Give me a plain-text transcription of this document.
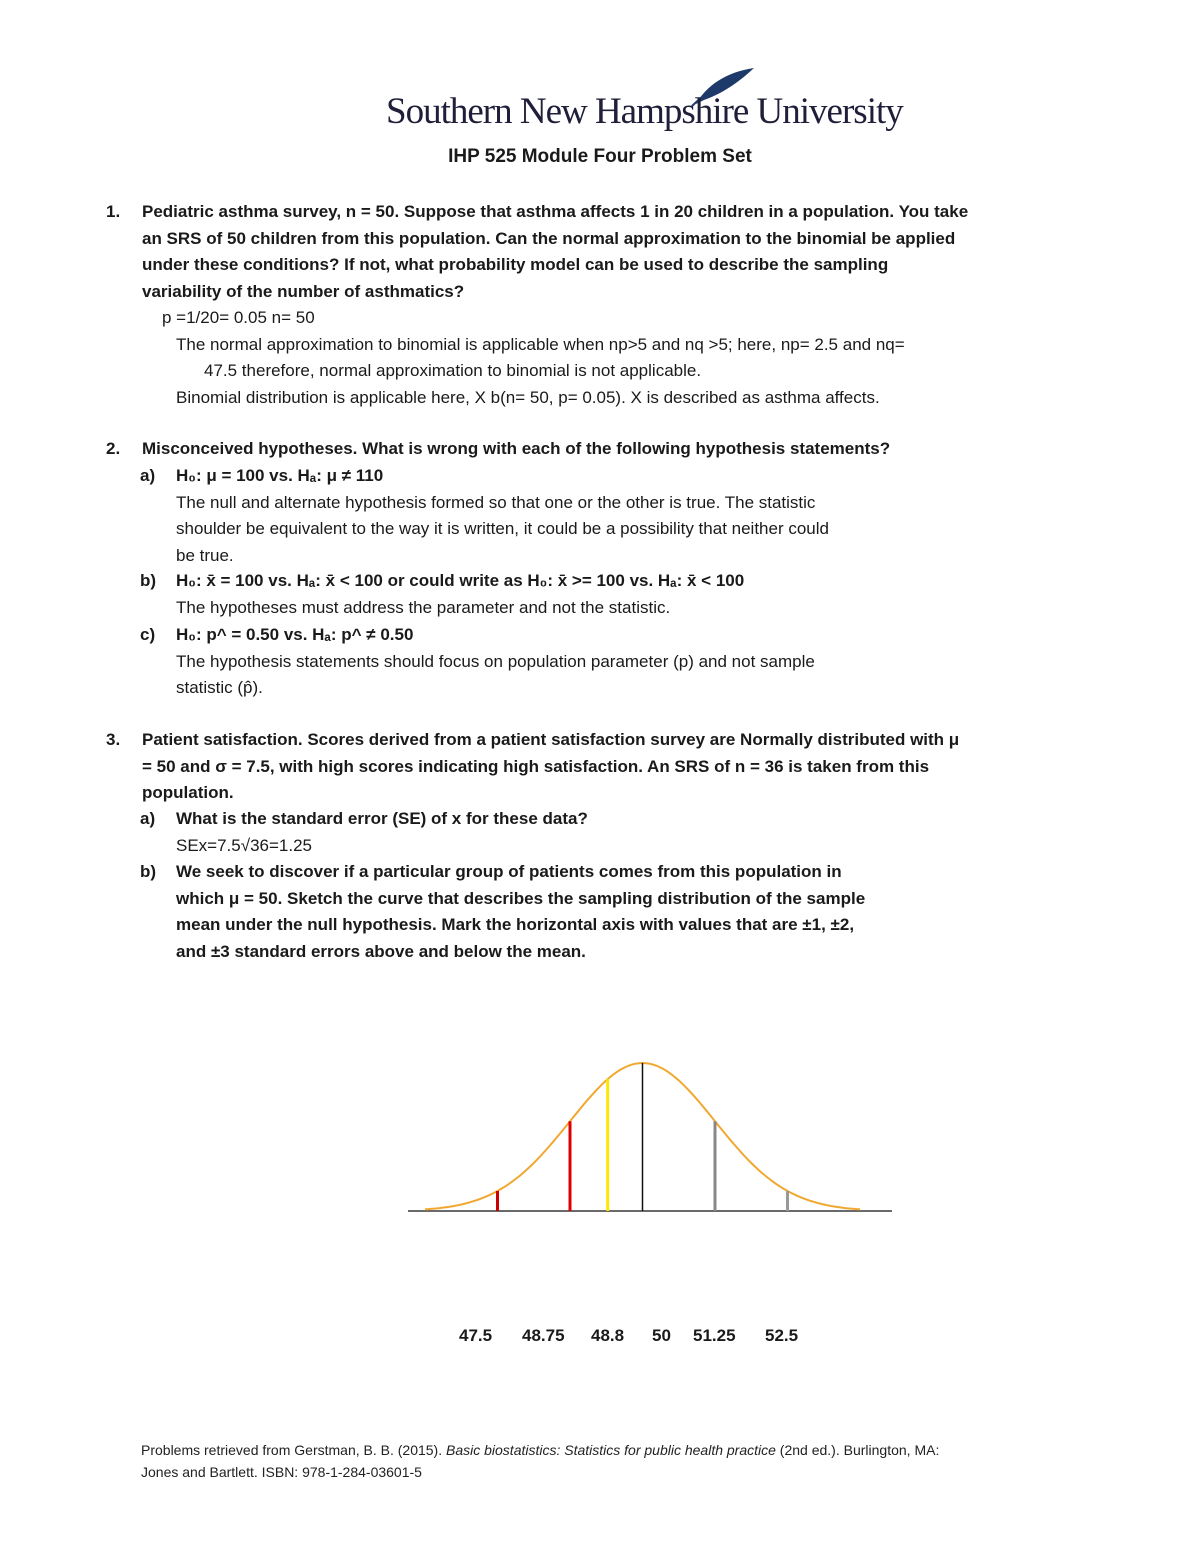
Southern New Hampshire University
IHP 525 Module Four Problem Set
1. Pediatric asthma survey, n = 50. Suppose that asthma affects 1 in 20 children in a population. You take
an SRS of 50 children from this population. Can the normal approximation to the binomial be applied
under these conditions? If not, what probability model can be used to describe the sampling
variability of the number of asthmatics?
p =1/20= 0.05 n= 50
The normal approximation to binomial is applicable when np>5 and nq >5; here, np= 2.5 and nq=
47.5 therefore, normal approximation to binomial is not applicable.
Binomial distribution is applicable here, X b(n= 50, p= 0.05). X is described as asthma affects.
2. Misconceived hypotheses. What is wrong with each of the following hypothesis statements?
a) H₀: μ = 100 vs. Hₐ: μ ≠ 110
The null and alternate hypothesis formed so that one or the other is true. The statistic
shoulder be equivalent to the way it is written, it could be a possibility that neither could
be true.
b) H₀: x̄ = 100 vs. Hₐ: x̄ < 100 or could write as H₀: x̄ >= 100 vs. Hₐ: x̄ < 100
The hypotheses must address the parameter and not the statistic.
c) H₀: p^ = 0.50 vs. Hₐ: p^ ≠ 0.50
The hypothesis statements should focus on population parameter (p) and not sample
statistic (p̂).
3. Patient satisfaction. Scores derived from a patient satisfaction survey are Normally distributed with μ
= 50 and σ = 7.5, with high scores indicating high satisfaction. An SRS of n = 36 is taken from this
population.
a) What is the standard error (SE) of x for these data?
SEx=7.5√36=1.25
b) We seek to discover if a particular group of patients comes from this population in
which μ = 50. Sketch the curve that describes the sampling distribution of the sample
mean under the null hypothesis. Mark the horizontal axis with values that are ±1, ±2,
and ±3 standard errors above and below the mean.
47.5 48.75 48.8 50 51.25 52.5
Problems retrieved from Gerstman, B. B. (2015). Basic biostatistics: Statistics for public health practice (2nd ed.). Burlington, MA:
Jones and Bartlett. ISBN: 978-1-284-03601-5
